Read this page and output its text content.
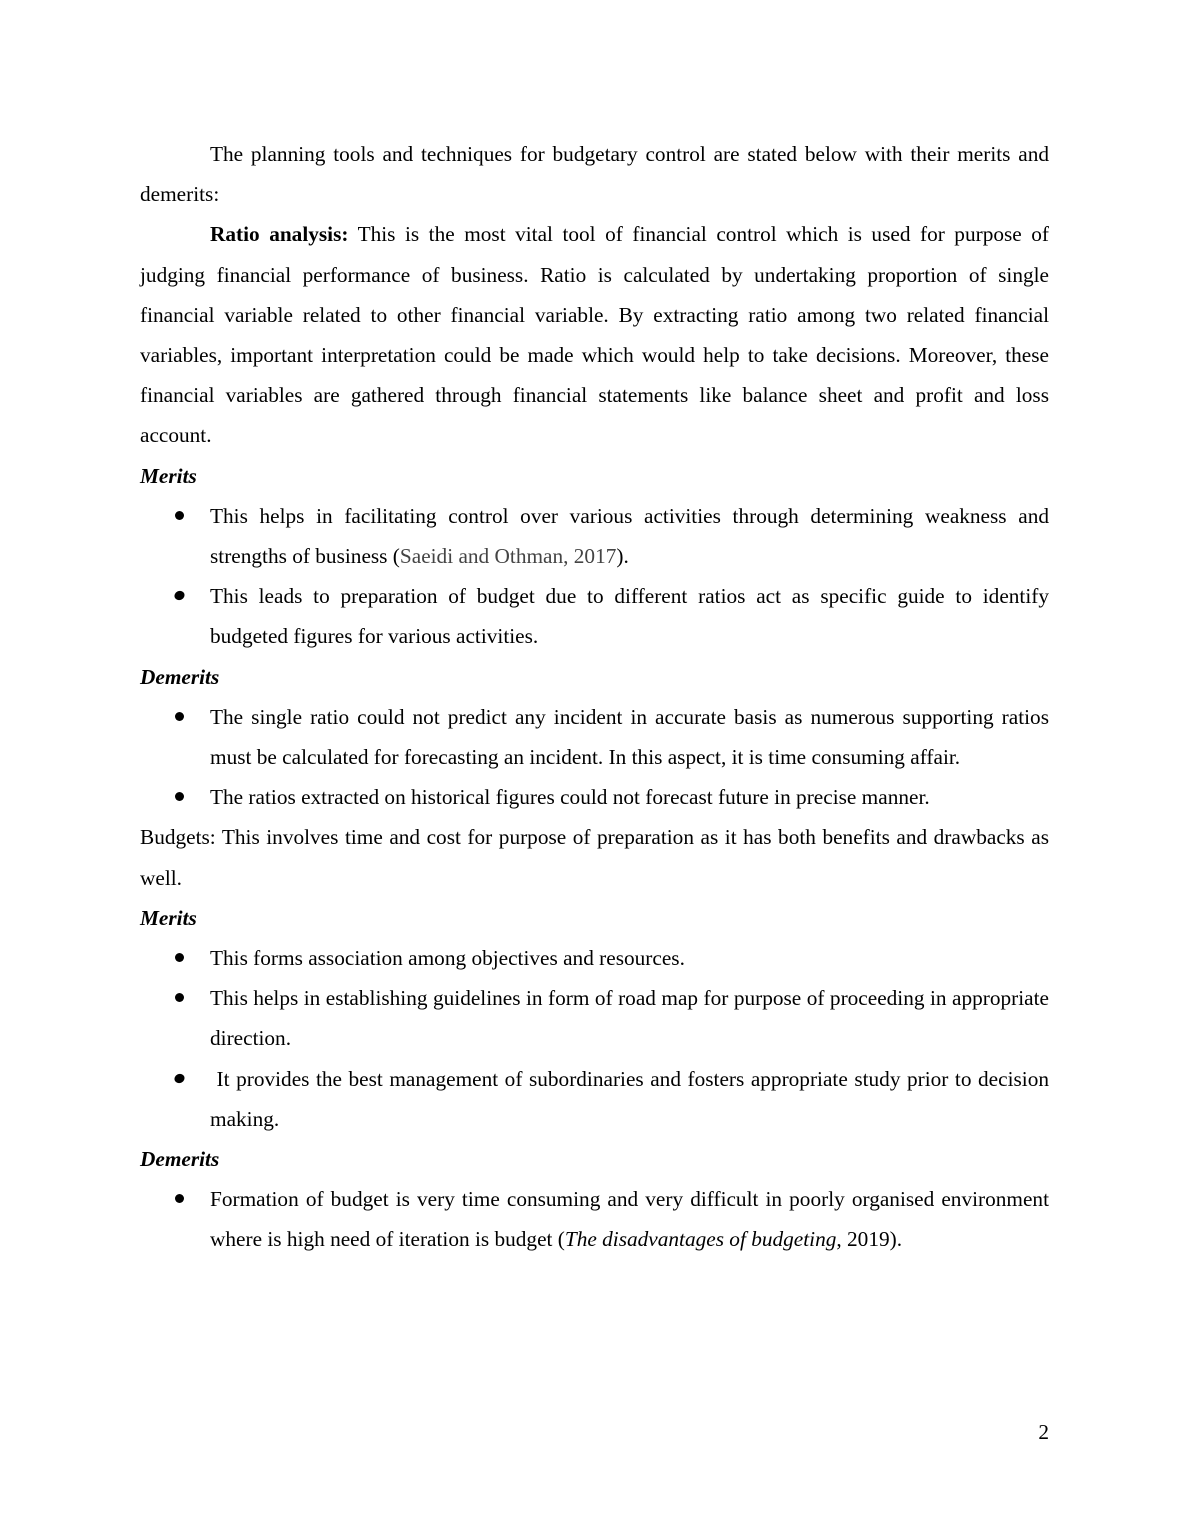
The planning tools and techniques for budgetary control are stated below with their merits and demerits:

Ratio analysis: This is the most vital tool of financial control which is used for purpose of judging financial performance of business. Ratio is calculated by undertaking proportion of single financial variable related to other financial variable. By extracting ratio among two related financial variables, important interpretation could be made which would help to take decisions. Moreover, these financial variables are gathered through financial statements like balance sheet and profit and loss account.

Merits

This helps in facilitating control over various activities through determining weakness and strengths of business (Saeidi and Othman, 2017).
This leads to preparation of budget due to different ratios act as specific guide to identify budgeted figures for various activities.

Demerits

The single ratio could not predict any incident in accurate basis as numerous supporting ratios must be calculated for forecasting an incident. In this aspect, it is time consuming affair.
The ratios extracted on historical figures could not forecast future in precise manner.

Budgets: This involves time and cost for purpose of preparation as it has both benefits and drawbacks as well.

Merits

This forms association among objectives and resources.
This helps in establishing guidelines in form of road map for purpose of proceeding in appropriate direction.
It provides the best management of subordinaries and fosters appropriate study prior to decision making.

Demerits

Formation of budget is very time consuming and very difficult in poorly organised environment where is high need of iteration is budget (The disadvantages of budgeting, 2019).
2
